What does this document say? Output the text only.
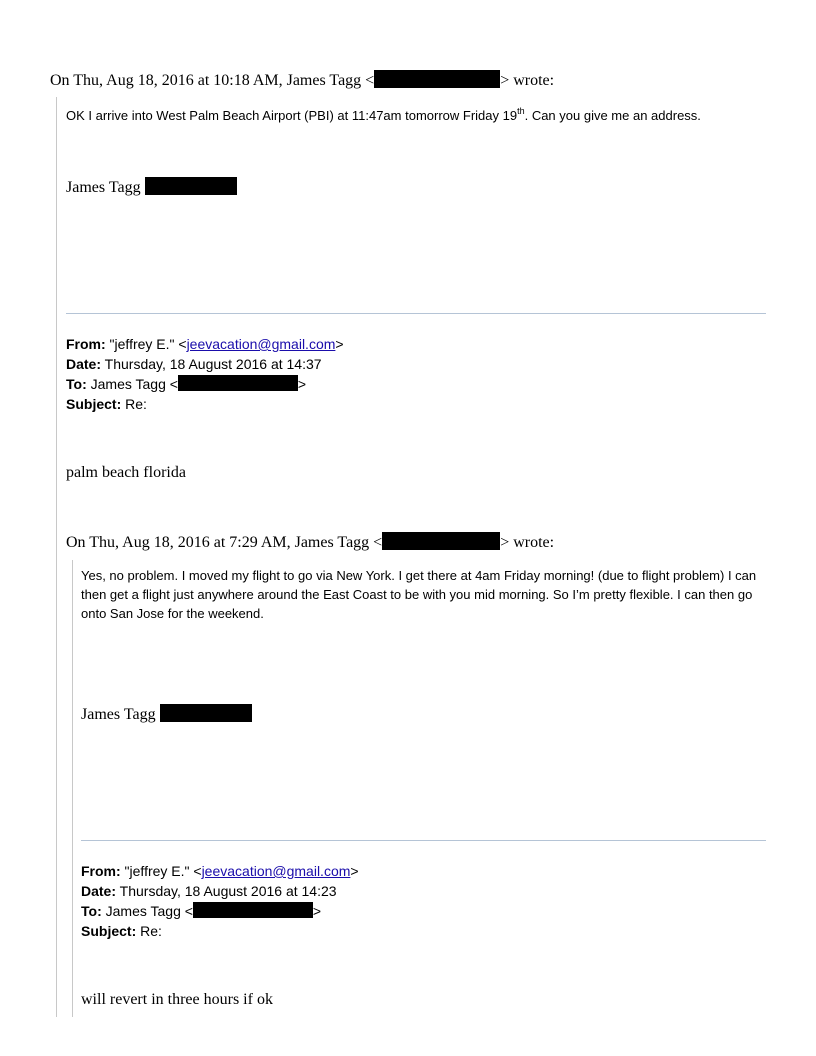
On Thu, Aug 18, 2016 at 10:18 AM, James Tagg <	> wrote:
OK I arrive into West Palm Beach Airport (PBI) at 11:47am tomorrow Friday 19th. Can you give me an address.
James Tagg
From: "jeffrey E." <jeevacation@gmail.com>
Date: Thursday, 18 August 2016 at 14:37
To: James Tagg <	>
Subject: Re:
palm beach florida
On Thu, Aug 18, 2016 at 7:29 AM, James Tagg <	> wrote:
Yes, no problem. I moved my flight to go via New York. I get there at 4am Friday morning! (due to flight problem) I can then get a flight just anywhere around the East Coast to be with you mid morning. So I’m pretty flexible. I can then go onto San Jose for the weekend.
James Tagg
From: "jeffrey E." <jeevacation@gmail.com>
Date: Thursday, 18 August 2016 at 14:23
To: James Tagg <	>
Subject: Re:
will revert in three hours if ok
